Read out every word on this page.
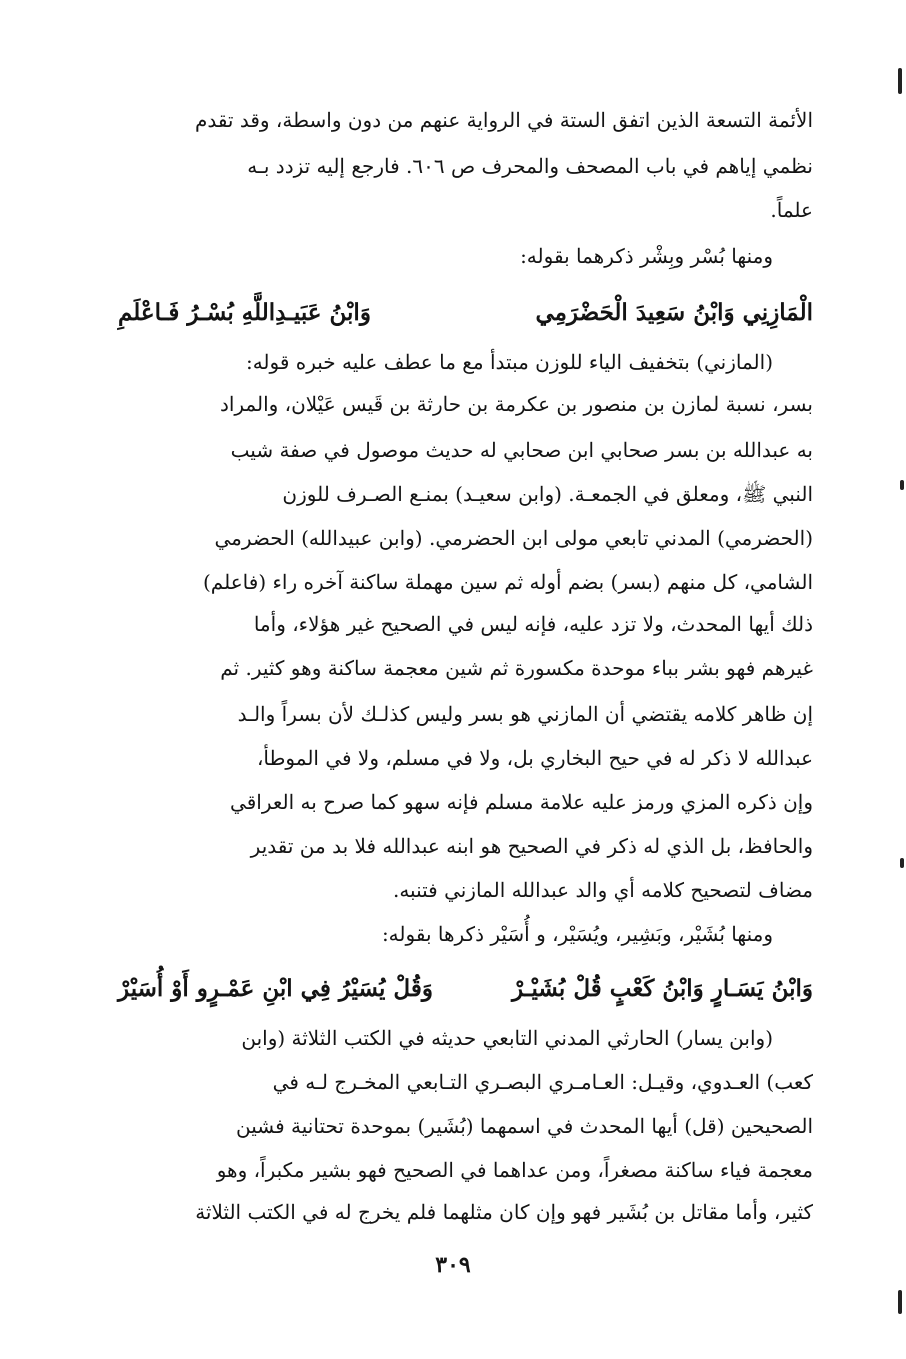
الأئمة التسعة الذين اتفق الستة في الرواية عنهم من دون واسطة، وقد تقدم
نظمي إياهم في باب المصحف والمحرف ص ٦٠٦. فارجع إليه تزدد بـه
علماً.
ومنها بُسْر وبِشْر ذكرهما بقوله:
الْمَازِنِي وَابْنُ سَعِيدَ الْحَضْرَمِي
وَابْنُ عَبَيـدِاللَّهِ بُسْـرُ فَـاعْلَمِ
(المازني) بتخفيف الياء للوزن مبتدأ مع ما عطف عليه خبره قوله:
بسر، نسبة لمازن بن منصور بن عكرمة بن حارثة بن قَيس عَيْلان، والمراد
به عبدالله بن بسر صحابي ابن صحابي له حديث موصول في صفة شيب
النبي ﷺ، ومعلق في الجمعـة. (وابن سعيـد) بمنـع الصـرف للوزن
(الحضرمي) المدني تابعي مولى ابن الحضرمي. (وابن عبيدالله) الحضرمي
الشامي، كل منهم (بسر) بضم أوله ثم سين مهملة ساكنة آخره راء (فاعلم)
ذلك أيها المحدث، ولا تزد عليه، فإنه ليس في الصحيح غير هؤلاء، وأما
غيرهم فهو بشر بباء موحدة مكسورة ثم شين معجمة ساكنة وهو كثير. ثم
إن ظاهر كلامه يقتضي أن المازني هو بسر وليس كذلـك لأن بسراً والـد
عبدالله لا ذكر له في حيح البخاري بل، ولا في مسلم، ولا في الموطأ،
وإن ذكره المزي ورمز عليه علامة مسلم فإنه سهو كما صرح به العراقي
والحافظ، بل الذي له ذكر في الصحيح هو ابنه عبدالله فلا بد من تقدير
مضاف لتصحيح كلامه أي والد عبدالله المازني فتنبه.
ومنها بُشَيْر، وبَشِير، ويُسَيْر، و أُسَيْر ذكرها بقوله:
وَابْنُ يَسَـارٍ وَابْنُ كَعْبٍ قُلْ بُشَيْـرْ
وَقُلْ يُسَيْرُ فِي ابْنِ عَمْـرٍو أَوْ أُسَيْرْ
(وابن يسار) الحارثي المدني التابعي حديثه في الكتب الثلاثة (وابن
كعب) العـدوي، وقيـل: العـامـري البصـري التـابعي المخـرج لـه في
الصحيحين (قل) أيها المحدث في اسمهما (بُشَير) بموحدة تحتانية فشين
معجمة فياء ساكنة مصغراً، ومن عداهما في الصحيح فهو بشير مكبراً، وهو
كثير، وأما مقاتل بن بُشَير فهو وإن كان مثلهما فلم يخرج له في الكتب الثلاثة
٣٠٩
